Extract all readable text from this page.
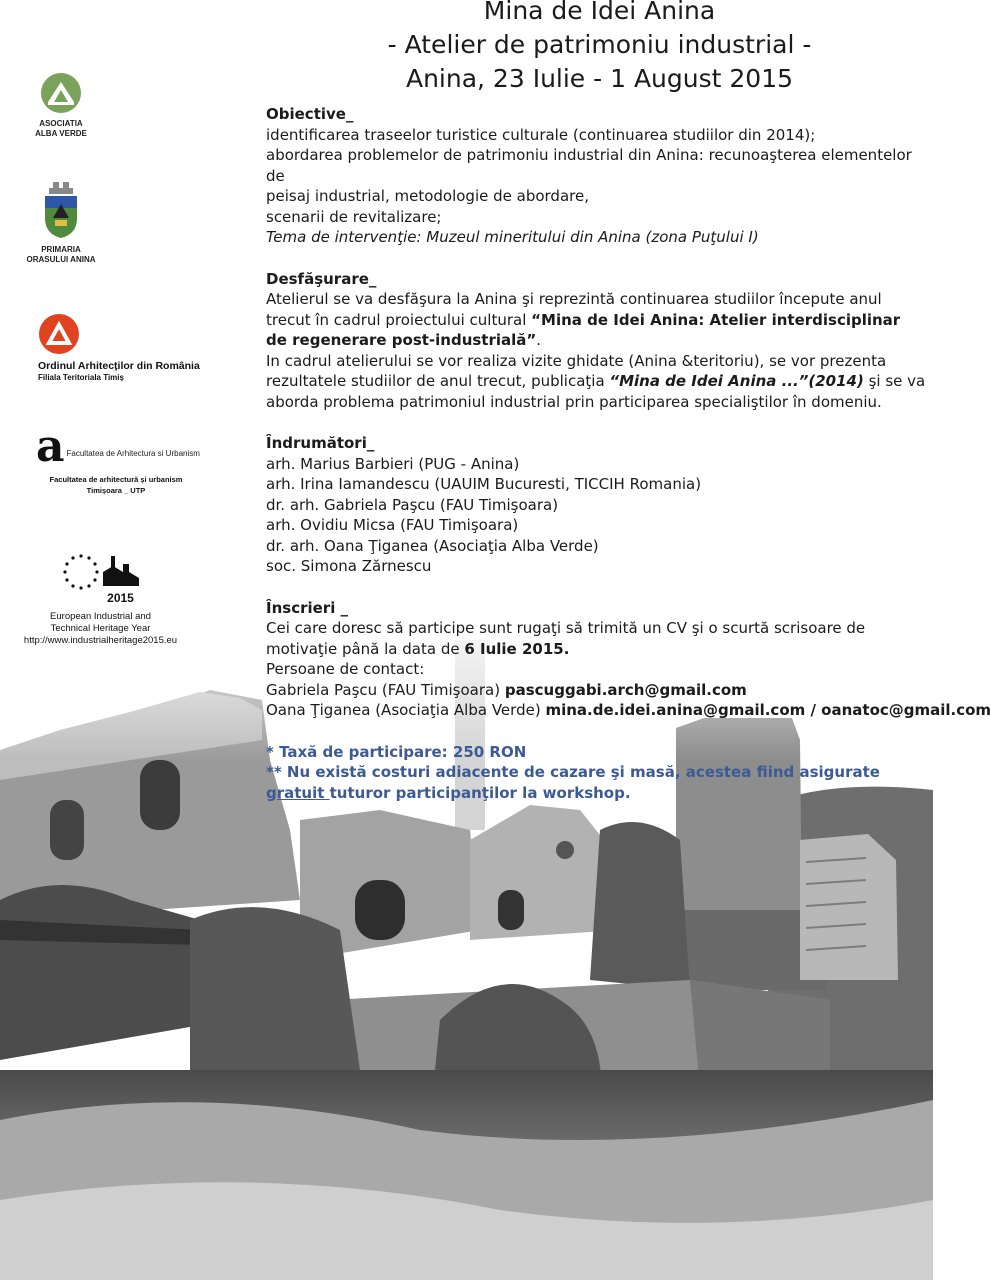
Mina de Idei Anina
- Atelier de patrimoniu industrial -
Anina, 23 Iulie - 1 August 2015
ASOCIATIA
ALBA VERDE
PRIMARIA
ORASULUI ANINA
Ordinul Arhitecților din România
Filiala Teritoriala Timiș
a Facultatea de Arhitectura si Urbanism
Facultatea de arhitectură și urbanism
Timișoara _ UTP
2015
European Industrial and
Technical Heritage Year
http://www.industrialheritage2015.eu

Obiective_

identificarea traseelor turistice culturale (continuarea studiilor din 2014);

abordarea problemelor de patrimoniu industrial din Anina: recunoaşterea elementelor de

peisaj industrial, metodologie de abordare,

scenarii de revitalizare;

Tema de intervenţie: Muzeul mineritului din Anina (zona Puţului I)

Desfăşurare_

Atelierul se va desfăşura la Anina şi reprezintă continuarea studiilor începute anul trecut în cadrul proiectului cultural “Mina de Idei Anina: Atelier interdisciplinar de regenerare post-industrială”.

In cadrul atelierului se vor realiza vizite ghidate (Anina &teritoriu), se vor prezenta rezultatele studiilor de anul trecut, publicaţia “Mina de Idei Anina ...”(2014) şi se va aborda problema patrimoniul industrial prin participarea specialiştilor în domeniu.

Îndrumători_

arh. Marius Barbieri (PUG - Anina)

arh. Irina Iamandescu (UAUIM Bucuresti, TICCIH Romania)

dr. arh. Gabriela Paşcu (FAU Timişoara)

arh. Ovidiu Micsa (FAU Timişoara)

dr. arh. Oana Ţiganea (Asociaţia Alba Verde)

soc. Simona Zărnescu

Înscrieri _

Cei care doresc să participe sunt rugaţi să trimită un CV şi o scurtă scrisoare de motivaţie până la data de 6 Iulie 2015.

Persoane de contact:

Gabriela Paşcu (FAU Timişoara) pascuggabi.arch@gmail.com

Oana Ţiganea (Asociaţia Alba Verde) mina.de.idei.anina@gmail.com / oanatoc@gmail.com

* Taxă de participare: 250 RON

** Nu există costuri adiacente de cazare şi masă, acestea fiind asigurate gratuit tuturor participanţilor la workshop.
